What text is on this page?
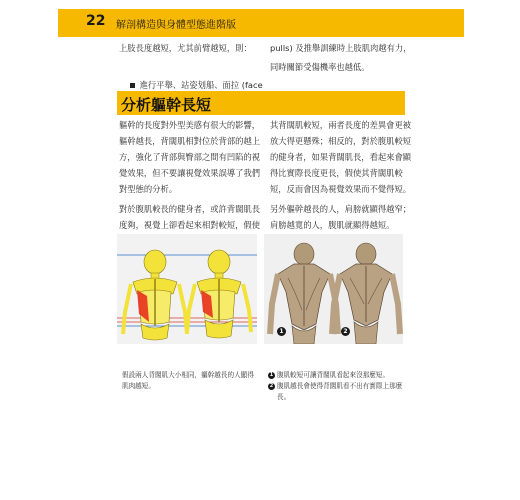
22 解剖構造與身體型態進階版
上肢長度越短，尤其前臂越短，則：

進行平舉、站姿划船、面拉 (face

pulls) 及推舉訓練時上肢肌肉越有力，
同時關節受傷機率也越低。
分析軀幹長短
軀幹的長度對外型美感有很大的影響，
軀幹越長，背闊肌相對位於背部的越上
方，強化了背部與臀部之間有凹陷的視
覺效果，但不要讓視覺效果誤導了我們
對型態的分析。
對於腹肌較長的健身者，或許背闊肌長
度夠，視覺上卻看起來相對較短，假使
其背闊肌較短，兩者長度的差異會更被
放大得更懸殊；相反的，對於腹肌較短
的健身者，如果背闊肌長，看起來會顯
得比實際長度更長，假使其背闊肌較
短，反而會因為視覺效果而不覺得短。
另外軀幹越長的人，肩膀就顯得越窄；
肩膀越寬的人，腹肌就顯得越短。
1	2
假設兩人背闊肌大小相同，軀幹越長的人顯得
肌肉越短。
1 腹肌較短可讓背闊肌看起來沒那麼短。
2 腹肌越長會使得背闊肌看不出有實際上那麼
長。
